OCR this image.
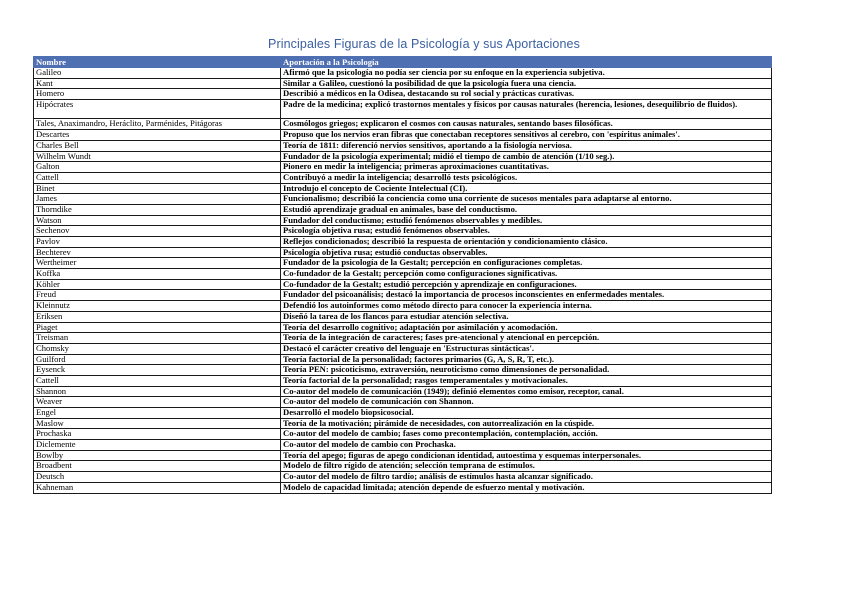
Principales Figuras de la Psicología y sus Aportaciones
Nombre	Aportación a la Psicología
Galileo	Afirmó que la psicología no podía ser ciencia por su enfoque en la experiencia subjetiva.
Kant	Similar a Galileo, cuestionó la posibilidad de que la psicología fuera una ciencia.
Homero	Describió a médicos en la Odisea, destacando su rol social y prácticas curativas.
Hipócrates	Padre de la medicina; explicó trastornos mentales y físicos por causas naturales (herencia, lesiones, desequilibrio de fluidos).
Tales, Anaximandro, Heráclito, Parménides, Pitágoras	Cosmólogos griegos; explicaron el cosmos con causas naturales, sentando bases filosóficas.
Descartes	Propuso que los nervios eran fibras que conectaban receptores sensitivos al cerebro, con 'espíritus animales'.
Charles Bell	Teoría de 1811: diferenció nervios sensitivos, aportando a la fisiología nerviosa.
Wilhelm Wundt	Fundador de la psicología experimental; midió el tiempo de cambio de atención (1/10 seg.).
Galton	Pionero en medir la inteligencia; primeras aproximaciones cuantitativas.
Cattell	Contribuyó a medir la inteligencia; desarrolló tests psicológicos.
Binet	Introdujo el concepto de Cociente Intelectual (CI).
James	Funcionalismo; describió la conciencia como una corriente de sucesos mentales para adaptarse al entorno.
Thorndike	Estudió aprendizaje gradual en animales, base del conductismo.
Watson	Fundador del conductismo; estudió fenómenos observables y medibles.
Sechenov	Psicología objetiva rusa; estudió fenómenos observables.
Pavlov	Reflejos condicionados; describió la respuesta de orientación y condicionamiento clásico.
Bechterev	Psicología objetiva rusa; estudió conductas observables.
Wertheimer	Fundador de la psicología de la Gestalt; percepción en configuraciones completas.
Koffka	Co-fundador de la Gestalt; percepción como configuraciones significativas.
Köhler	Co-fundador de la Gestalt; estudió percepción y aprendizaje en configuraciones.
Freud	Fundador del psicoanálisis; destacó la importancia de procesos inconscientes en enfermedades mentales.
Kleinnutz	Defendió los autoinformes como método directo para conocer la experiencia interna.
Eriksen	Diseñó la tarea de los flancos para estudiar atención selectiva.
Piaget	Teoría del desarrollo cognitivo; adaptación por asimilación y acomodación.
Treisman	Teoría de la integración de caracteres; fases pre-atencional y atencional en percepción.
Chomsky	Destacó el carácter creativo del lenguaje en 'Estructuras sintácticas'.
Guilford	Teoría factorial de la personalidad; factores primarios (G, A, S, R, T, etc.).
Eysenck	Teoría PEN: psicoticismo, extraversión, neuroticismo como dimensiones de personalidad.
Cattell	Teoría factorial de la personalidad; rasgos temperamentales y motivacionales.
Shannon	Co-autor del modelo de comunicación (1949); definió elementos como emisor, receptor, canal.
Weaver	Co-autor del modelo de comunicación con Shannon.
Engel	Desarrolló el modelo biopsicosocial.
Maslow	Teoría de la motivación; pirámide de necesidades, con autorrealización en la cúspide.
Prochaska	Co-autor del modelo de cambio; fases como precontemplación, contemplación, acción.
Diclemente	Co-autor del modelo de cambio con Prochaska.
Bowlby	Teoría del apego; figuras de apego condicionan identidad, autoestima y esquemas interpersonales.
Broadbent	Modelo de filtro rígido de atención; selección temprana de estímulos.
Deutsch	Co-autor del modelo de filtro tardío; análisis de estímulos hasta alcanzar significado.
Kahneman	Modelo de capacidad limitada; atención depende de esfuerzo mental y motivación.
